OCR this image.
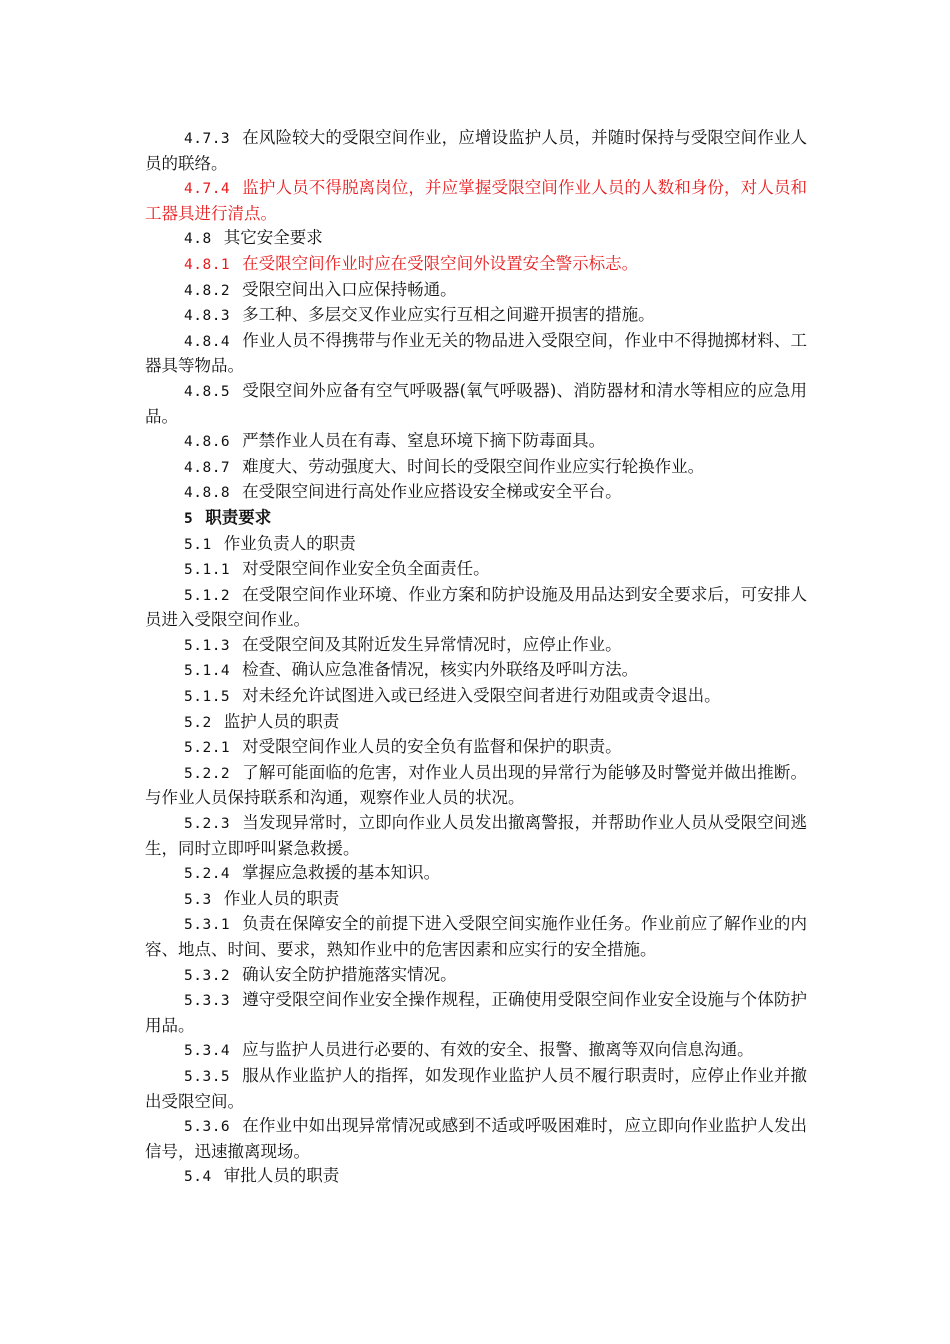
4.7.3 在风险较大的受限空间作业，应增设监护人员，并随时保持与受限空间作业人员的联络。

4.7.4 监护人员不得脱离岗位，并应掌握受限空间作业人员的人数和身份，对人员和工器具进行清点。

4.8 其它安全要求

4.8.1 在受限空间作业时应在受限空间外设置安全警示标志。

4.8.2 受限空间出入口应保持畅通。

4.8.3 多工种、多层交叉作业应实行互相之间避开损害的措施。

4.8.4 作业人员不得携带与作业无关的物品进入受限空间，作业中不得抛掷材料、工器具等物品。

4.8.5 受限空间外应备有空气呼吸器(氧气呼吸器)、消防器材和清水等相应的应急用品。

4.8.6 严禁作业人员在有毒、窒息环境下摘下防毒面具。

4.8.7 难度大、劳动强度大、时间长的受限空间作业应实行轮换作业。

4.8.8 在受限空间进行高处作业应搭设安全梯或安全平台。

5 职责要求

5.1 作业负责人的职责

5.1.1 对受限空间作业安全负全面责任。

5.1.2 在受限空间作业环境、作业方案和防护设施及用品达到安全要求后，可安排人员进入受限空间作业。

5.1.3 在受限空间及其附近发生异常情况时，应停止作业。

5.1.4 检查、确认应急准备情况，核实内外联络及呼叫方法。

5.1.5 对未经允许试图进入或已经进入受限空间者进行劝阻或责令退出。

5.2 监护人员的职责

5.2.1 对受限空间作业人员的安全负有监督和保护的职责。

5.2.2 了解可能面临的危害，对作业人员出现的异常行为能够及时警觉并做出推断。与作业人员保持联系和沟通，观察作业人员的状况。

5.2.3 当发现异常时，立即向作业人员发出撤离警报，并帮助作业人员从受限空间逃生，同时立即呼叫紧急救援。

5.2.4 掌握应急救援的基本知识。

5.3 作业人员的职责

5.3.1 负责在保障安全的前提下进入受限空间实施作业任务。作业前应了解作业的内容、地点、时间、要求，熟知作业中的危害因素和应实行的安全措施。

5.3.2 确认安全防护措施落实情况。

5.3.3 遵守受限空间作业安全操作规程，正确使用受限空间作业安全设施与个体防护用品。

5.3.4 应与监护人员进行必要的、有效的安全、报警、撤离等双向信息沟通。

5.3.5 服从作业监护人的指挥，如发现作业监护人员不履行职责时，应停止作业并撤出受限空间。

5.3.6 在作业中如出现异常情况或感到不适或呼吸困难时，应立即向作业监护人发出信号，迅速撤离现场。

5.4 审批人员的职责
